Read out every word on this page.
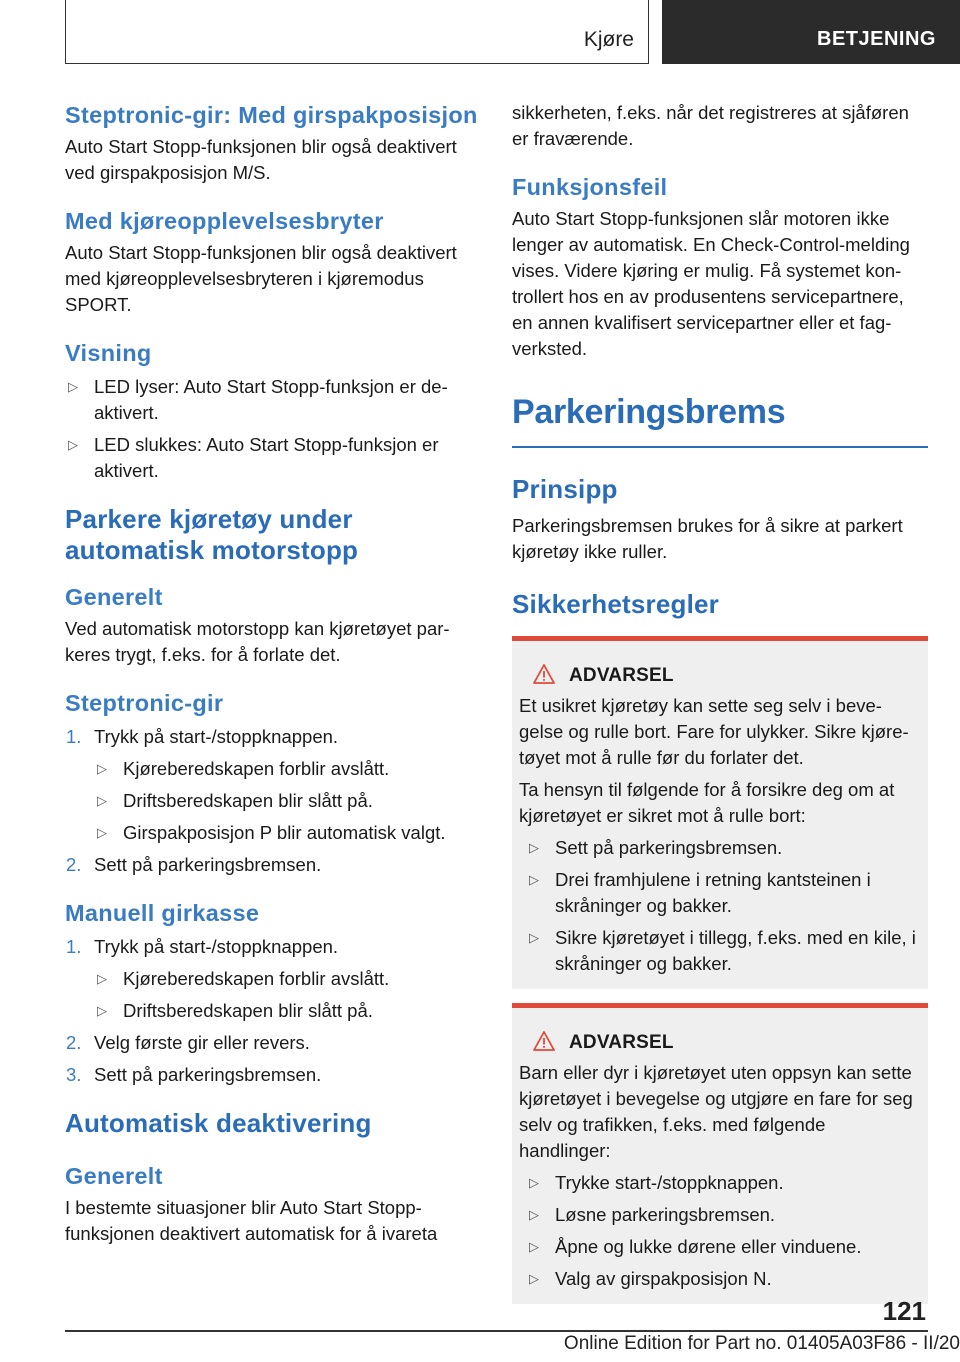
Kjøre	BETJENING
Steptronic-gir: Med girspakposisjon

Auto Start Stopp-funksjonen blir også deaktivert ved girspakposisjon M/S.

Med kjøreopplevelsesbryter

Auto Start Stopp-funksjonen blir også deaktivert med kjøreopplevelsesbryteren i kjøremodus SPORT.

Visning
▷ LED lyser: Auto Start Stopp-funksjon er de-aktivert.
▷ LED slukkes: Auto Start Stopp-funksjon er aktivert.
Parkere kjøretøy under automatisk motorstopp
Generelt

Ved automatisk motorstopp kan kjøretøyet par-keres trygt, f.eks. for å forlate det.

Steptronic-gir
1. Trykk på start-/stoppknappen.
▷ Kjøreberedskapen forblir avslått.
▷ Driftsberedskapen blir slått på.
▷ Girspakposisjon P blir automatisk valgt.
2. Sett på parkeringsbremsen.
Manuell girkasse
1. Trykk på start-/stoppknappen.
▷ Kjøreberedskapen forblir avslått.
▷ Driftsberedskapen blir slått på.
2. Velg første gir eller revers.
3. Sett på parkeringsbremsen.
Automatisk deaktivering
Generelt

I bestemte situasjoner blir Auto Start Stopp-funksjonen deaktivert automatisk for å ivareta

sikkerheten, f.eks. når det registreres at sjåføren er fraværende.

Funksjonsfeil

Auto Start Stopp-funksjonen slår motoren ikke lenger av automatisk. En Check-Control-melding vises. Videre kjøring er mulig. Få systemet kon-trollert hos en av produsentens servicepartnere, en annen kvalifisert servicepartner eller et fag-verksted.

Parkeringsbrems
Prinsipp

Parkeringsbremsen brukes for å sikre at parkert kjøretøy ikke ruller.

Sikkerhetsregler
ADVARSEL

Et usikret kjøretøy kan sette seg selv i beve-gelse og rulle bort. Fare for ulykker. Sikre kjøre-tøyet mot å rulle før du forlater det.

Ta hensyn til følgende for å forsikre deg om at kjøretøyet er sikret mot å rulle bort:

▷ Sett på parkeringsbremsen.
▷ Drei framhjulene i retning kantsteinen i skråninger og bakker.
▷ Sikre kjøretøyet i tillegg, f.eks. med en kile, i skråninger og bakker.
ADVARSEL

Barn eller dyr i kjøretøyet uten oppsyn kan sette kjøretøyet i bevegelse og utgjøre en fare for seg selv og trafikken, f.eks. med følgende handlinger:

▷ Trykke start-/stoppknappen.
▷ Løsne parkeringsbremsen.
▷ Åpne og lukke dørene eller vinduene.
▷ Valg av girspakposisjon N.
121
Online Edition for Part no. 01405A03F86 - II/20
